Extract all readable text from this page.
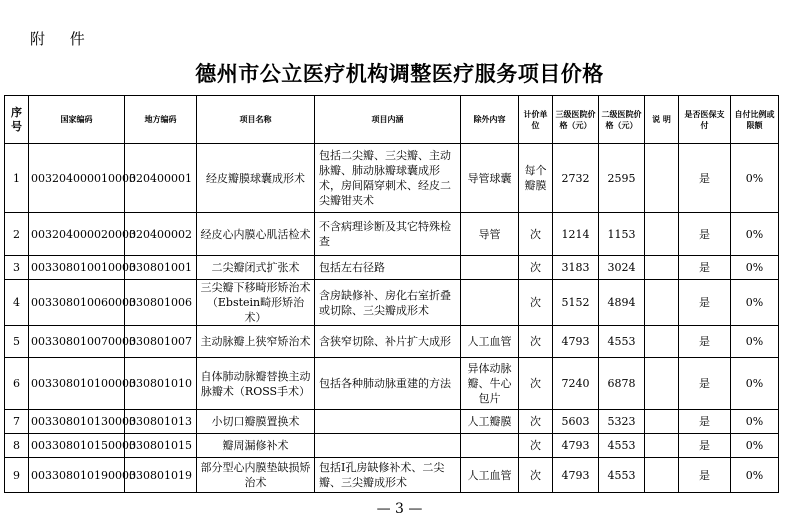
附 件
德州市公立医疗机构调整医疗服务项目价格
序号	国家编码	地方编码	项目名称	项目内涵	除外内容	计价单位	三级医院价格（元）	二级医院价格（元）	说 明	是否医保支付	自付比例或限额
1	003204000010000	320400001	经皮瓣膜球囊成形术	包括二尖瓣、三尖瓣、主动脉瓣、肺动脉瓣球囊成形术，房间隔穿刺术、经皮二尖瓣钳夹术	导管球囊	每个瓣膜	2732	2595		是	0%
2	003204000020000	320400002	经皮心内膜心肌活检术	不含病理诊断及其它特殊检查	导管	次	1214	1153		是	0%
3	003308010010000	330801001	二尖瓣闭式扩张术	包括左右径路		次	3183	3024		是	0%
4	003308010060000	330801006	三尖瓣下移畸形矫治术（Ebstein畸形矫治术）	含房缺修补、房化右室折叠或切除、三尖瓣成形术		次	5152	4894		是	0%
5	003308010070000	330801007	主动脉瓣上狭窄矫治术	含狭窄切除、补片扩大成形	人工血管	次	4793	4553		是	0%
6	003308010100000	330801010	自体肺动脉瓣替换主动脉瓣术（ROSS手术）	包括各种肺动脉重建的方法	异体动脉瓣、牛心包片	次	7240	6878		是	0%
7	003308010130000	330801013	小切口瓣膜置换术		人工瓣膜	次	5603	5323		是	0%
8	003308010150000	330801015	瓣周漏修补术			次	4793	4553		是	0%
9	003308010190000	330801019	部分型心内膜垫缺损矫治术	包括I孔房缺修补术、二尖瓣、三尖瓣成形术	人工血管	次	4793	4553		是	0%
— 3 —
